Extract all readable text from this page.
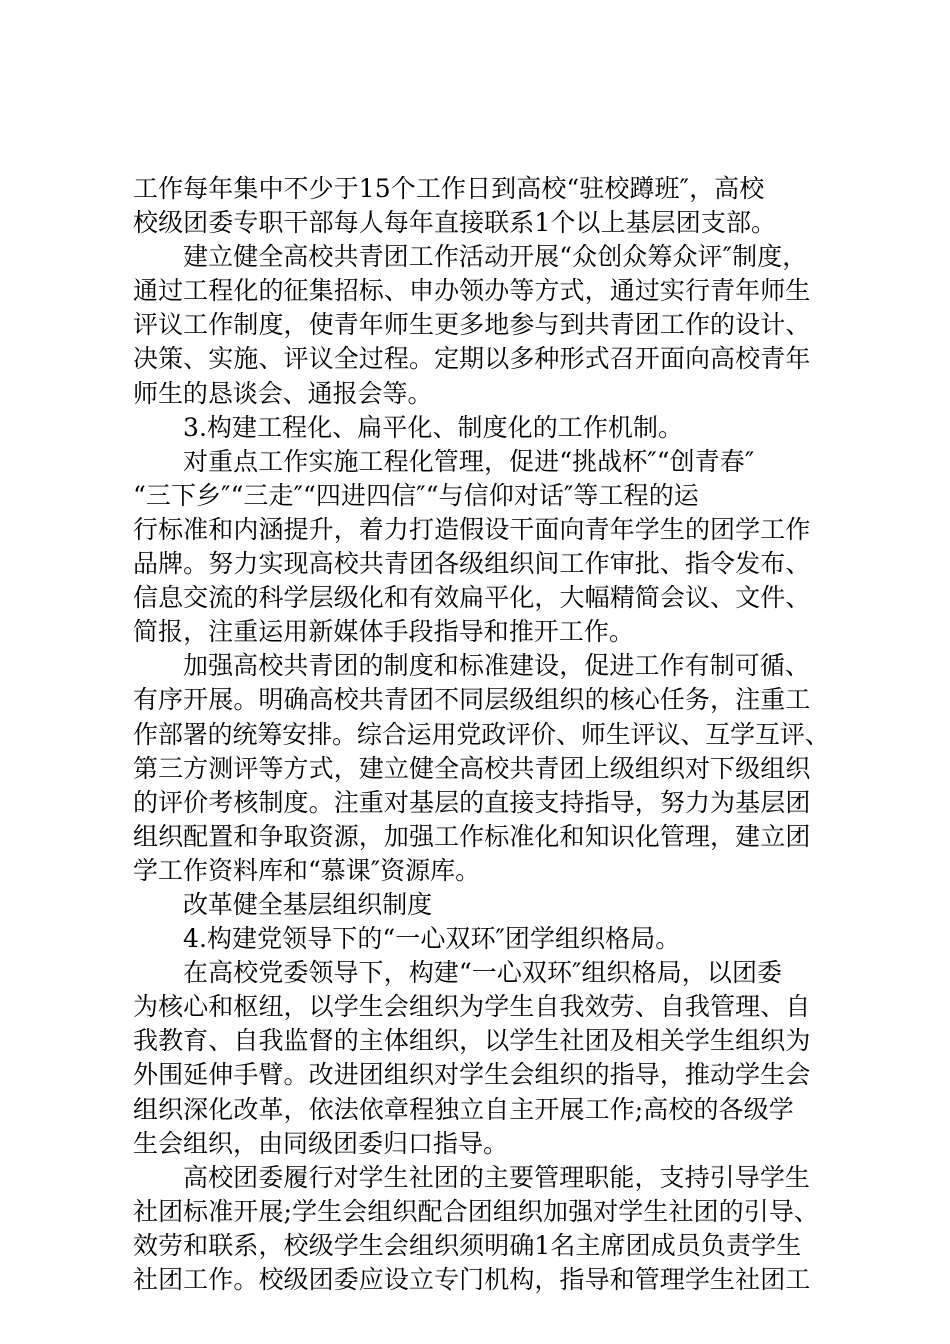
工作每年集中不少于15个工作日到高校“驻校蹲班″，高校
校级团委专职干部每人每年直接联系1个以上基层团支部。
建立健全高校共青团工作活动开展“众创众筹众评″制度，
通过工程化的征集招标、申办领办等方式，通过实行青年师生
评议工作制度，使青年师生更多地参与到共青团工作的设计、
决策、实施、评议全过程。定期以多种形式召开面向高校青年
师生的恳谈会、通报会等。
3.构建工程化、扁平化、制度化的工作机制。
对重点工作实施工程化管理，促进“挑战杯″“创青春″
“三下乡″“三走″“四进四信″“与信仰对话″等工程的运
行标准和内涵提升，着力打造假设干面向青年学生的团学工作
品牌。努力实现高校共青团各级组织间工作审批、指令发布、
信息交流的科学层级化和有效扁平化，大幅精简会议、文件、
简报，注重运用新媒体手段指导和推开工作。
加强高校共青团的制度和标准建设，促进工作有制可循、
有序开展。明确高校共青团不同层级组织的核心任务，注重工
作部署的统筹安排。综合运用党政评价、师生评议、互学互评、
第三方测评等方式，建立健全高校共青团上级组织对下级组织
的评价考核制度。注重对基层的直接支持指导，努力为基层团
组织配置和争取资源，加强工作标准化和知识化管理，建立团
学工作资料库和“慕课″资源库。
改革健全基层组织制度
4.构建党领导下的“一心双环″团学组织格局。
在高校党委领导下，构建“一心双环″组织格局，以团委
为核心和枢纽，以学生会组织为学生自我效劳、自我管理、自
我教育、自我监督的主体组织，以学生社团及相关学生组织为
外围延伸手臂。改进团组织对学生会组织的指导，推动学生会
组织深化改革，依法依章程独立自主开展工作;高校的各级学
生会组织，由同级团委归口指导。
高校团委履行对学生社团的主要管理职能，支持引导学生
社团标准开展;学生会组织配合团组织加强对学生社团的引导、
效劳和联系，校级学生会组织须明确1名主席团成员负责学生
社团工作。校级团委应设立专门机构，指导和管理学生社团工
